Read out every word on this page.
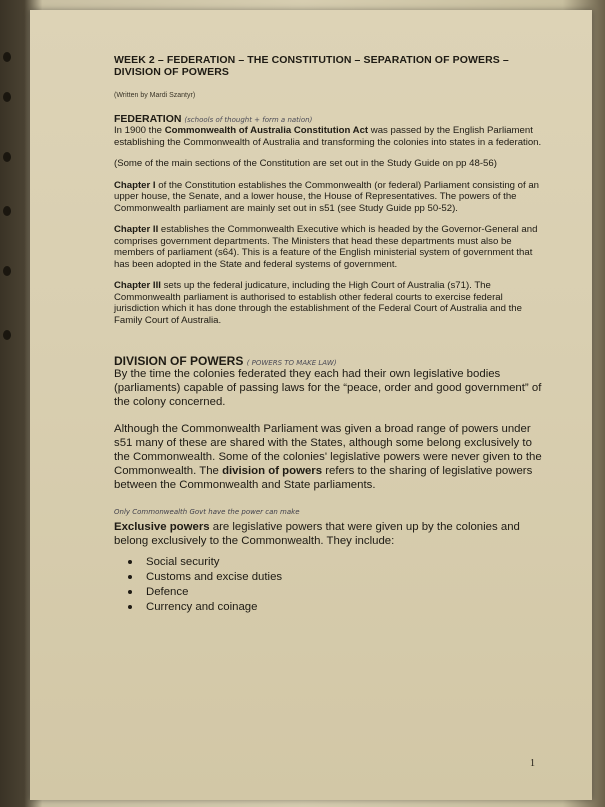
WEEK 2 – FEDERATION – THE CONSTITUTION – SEPARATION OF POWERS – DIVISION OF POWERS

(Written by Mardi Szantyr)

FEDERATION (schools of thought + form a nation)

In 1900 the Commonwealth of Australia Constitution Act was passed by the English Parliament establishing the Commonwealth of Australia and transforming the colonies into states in a federation.

(Some of the main sections of the Constitution are set out in the Study Guide on pp 48-56)

Chapter I of the Constitution establishes the Commonwealth (or federal) Parliament consisting of an upper house, the Senate, and a lower house, the House of Representatives. The powers of the Commonwealth parliament are mainly set out in s51 (see Study Guide pp 50-52).

Chapter II establishes the Commonwealth Executive which is headed by the Governor-General and comprises government departments. The Ministers that head these departments must also be members of parliament (s64). This is a feature of the English ministerial system of government that has been adopted in the State and federal systems of government.

Chapter III sets up the federal judicature, including the High Court of Australia (s71). The Commonwealth parliament is authorised to establish other federal courts to exercise federal jurisdiction which it has done through the establishment of the Federal Court of Australia and the Family Court of Australia.

DIVISION OF POWERS ( POWERS TO MAKE LAW)

By the time the colonies federated they each had their own legislative bodies (parliaments) capable of passing laws for the “peace, order and good government” of the colony concerned.

Although the Commonwealth Parliament was given a broad range of powers under s51 many of these are shared with the States, although some belong exclusively to the Commonwealth. Some of the colonies' legislative powers were never given to the Commonwealth. The division of powers refers to the sharing of legislative powers between the Commonwealth and State parliaments.

Only Commonwealth Govt have the power can make
Exclusive powers are legislative powers that were given up by the colonies and belong exclusively to the Commonwealth. They include:

Social security
Customs and excise duties
Defence
Currency and coinage
1
